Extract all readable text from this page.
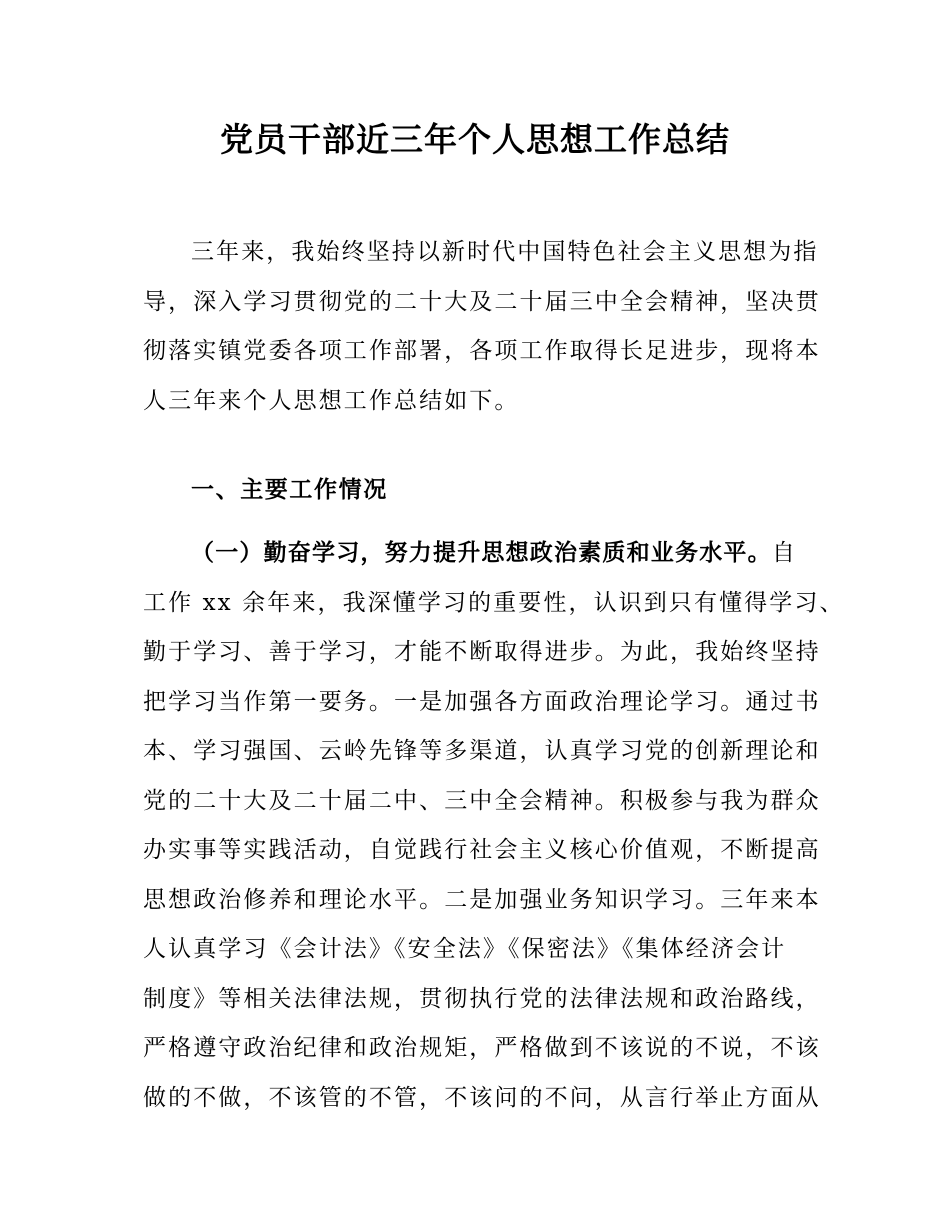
党员干部近三年个人思想工作总结
三年来，我始终坚持以新时代中国特色社会主义思想为指
导，深入学习贯彻党的二十大及二十届三中全会精神，坚决贯
彻落实镇党委各项工作部署，各项工作取得长足进步，现将本
人三年来个人思想工作总结如下。
一、主要工作情况
（一）勤奋学习，努力提升思想政治素质和业务水平。自
工作 xx 余年来，我深懂学习的重要性，认识到只有懂得学习、
勤于学习、善于学习，才能不断取得进步。为此，我始终坚持
把学习当作第一要务。一是加强各方面政治理论学习。通过书
本、学习强国、云岭先锋等多渠道，认真学习党的创新理论和
党的二十大及二十届二中、三中全会精神。积极参与我为群众
办实事等实践活动，自觉践行社会主义核心价值观，不断提高
思想政治修养和理论水平。二是加强业务知识学习。三年来本
人认真学习《会计法》《安全法》《保密法》《集体经济会计
制度》等相关法律法规，贯彻执行党的法律法规和政治路线，
严格遵守政治纪律和政治规矩，严格做到不该说的不说，不该
做的不做，不该管的不管，不该问的不问，从言行举止方面从
